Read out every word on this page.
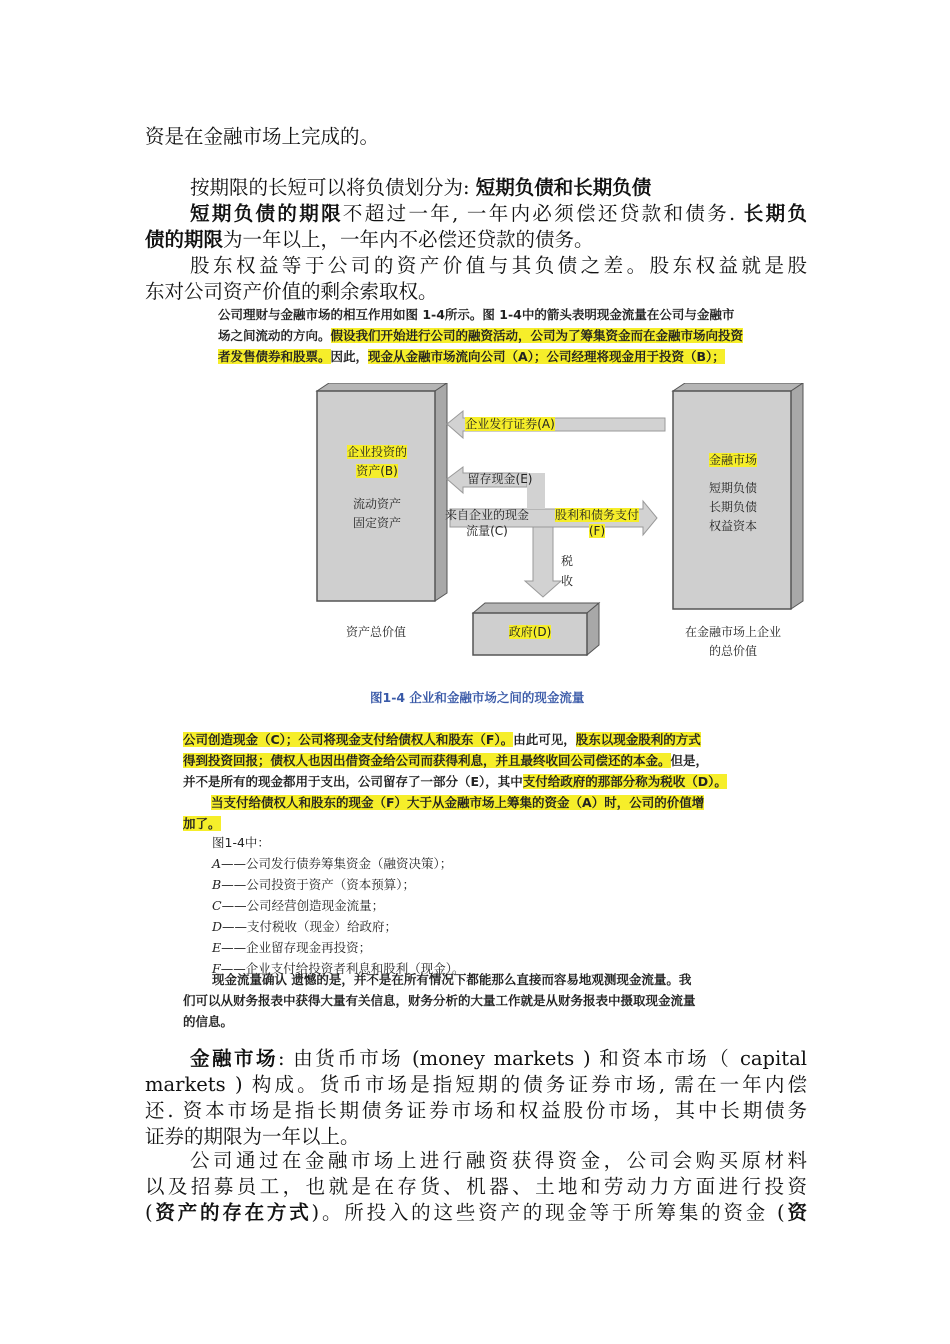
资是在金融市场上完成的。

按期限的长短可以将负债划分为: 短期负债和长期负债

短期负债的期限不超过一年, 一年内必须偿还贷款和债务. 长期负
债的期限为一年以上，一年内不必偿还贷款的债务。

股东权益等于公司的资产价值与其负债之差。股东权益就是股
东对公司资产价值的剩余索取权。

公司理财与金融市场的相互作用如图 1-4所示。图 1-4中的箭头表明现金流量在公司与金融市
场之间流动的方向。假设我们开始进行公司的融资活动，公司为了筹集资金而在金融市场向投资
者发售债券和股票。因此，现金从金融市场流向公司（A）；公司经理将现金用于投资（B）；
企业投资的
资产(B)
流动资产
固定资产
金融市场
短期负债
长期负债
权益资本
企业发行证券(A)
留存现金(E)
来自企业的现金
流量(C)
股利和债务支付
(F)
税
收
政府(D)
资产总价值	在金融市场上企业
的总价值
图1-4 企业和金融市场之间的现金流量
公司创造现金（C）；公司将现金支付给债权人和股东（F）。由此可见，股东以现金股利的方式
得到投资回报；债权人也因出借资金给公司而获得利息，并且最终收回公司偿还的本金。但是，
并不是所有的现金都用于支出，公司留存了一部分（E），其中支付给政府的那部分称为税收（D）。
当支付给债权人和股东的现金（F）大于从金融市场上筹集的资金（A）时，公司的价值增
加了。
图1-4中：
A——公司发行债券筹集资金（融资决策）；
B——公司投资于资产（资本预算）；
C——公司经营创造现金流量；
D——支付税收（现金）给政府；
E——企业留存现金再投资；
F——企业支付给投资者利息和股利（现金）。
现金流量确认 遗憾的是，并不是在所有情况下都能那么直接而容易地观测现金流量。我
们可以从财务报表中获得大量有关信息，财务分析的大量工作就是从财务报表中摄取现金流量
的信息。

金融市场: 由货币市场 (money markets ) 和资本市场（ capital
markets ) 构成。货币市场是指短期的债务证券市场, 需在一年内偿
还. 资本市场是指长期债务证券市场和权益股份市场，其中长期债务
证券的期限为一年以上。

公司通过在金融市场上进行融资获得资金，公司会购买原材料
以及招募员工，也就是在存货、机器、土地和劳动力方面进行投资
(资产的存在方式)。所投入的这些资产的现金等于所筹集的资金 (资
